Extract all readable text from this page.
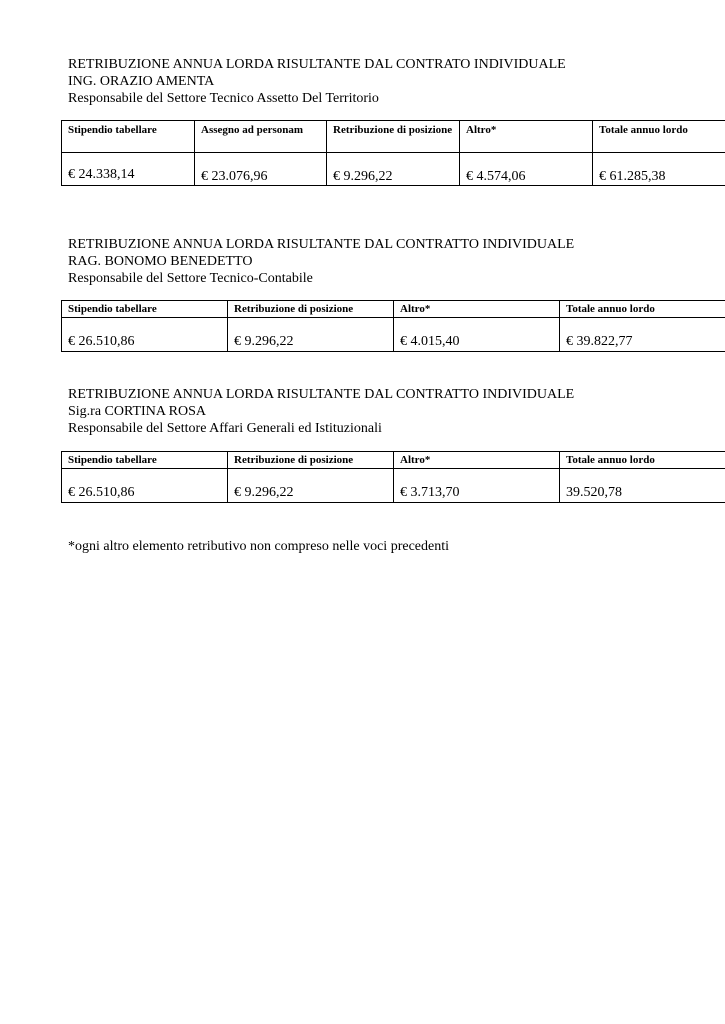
RETRIBUZIONE ANNUA LORDA RISULTANTE DAL CONTRATO INDIVIDUALE
ING. ORAZIO AMENTA
Responsabile del Settore Tecnico Assetto Del Territorio
Stipendio tabellare	Assegno ad personam	Retribuzione di posizione	Altro*	Totale annuo lordo
€ 24.338,14	€ 23.076,96	€ 9.296,22	€ 4.574,06	€ 61.285,38
RETRIBUZIONE ANNUA LORDA RISULTANTE DAL CONTRATTO INDIVIDUALE
RAG. BONOMO BENEDETTO
Responsabile del Settore Tecnico-Contabile
Stipendio tabellare	Retribuzione di posizione	Altro*	Totale annuo lordo
€ 26.510,86	€ 9.296,22	€ 4.015,40	€ 39.822,77
RETRIBUZIONE ANNUA LORDA RISULTANTE DAL CONTRATTO INDIVIDUALE
Sig.ra CORTINA ROSA
Responsabile del Settore Affari Generali ed Istituzionali
Stipendio tabellare	Retribuzione di posizione	Altro*	Totale annuo lordo
€ 26.510,86	€ 9.296,22	€ 3.713,70	39.520,78
*ogni altro elemento retributivo non compreso nelle voci precedenti
